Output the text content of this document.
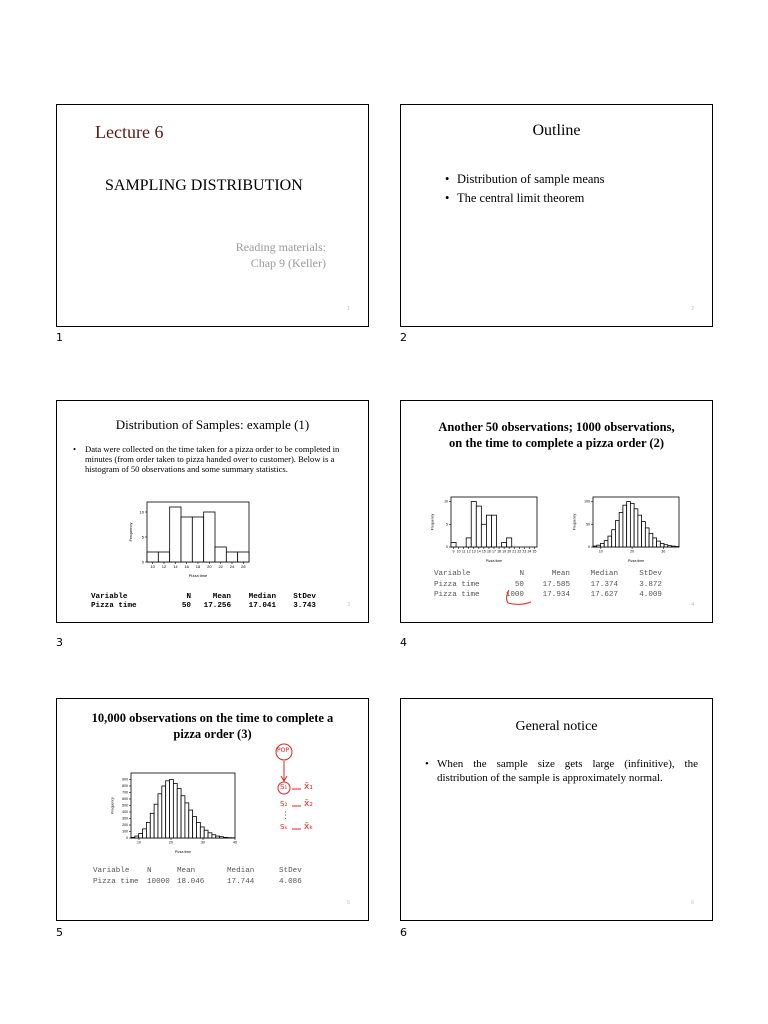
Lecture 6
SAMPLING DISTRIBUTION
Reading materials:
Chap 9 (Keller)
1
1
Outline
• Distribution of sample means
• The central limit theorem
2
2
Distribution of Samples: example (1)
• Data were collected on the time taken for a pizza order to be completed in minutes (from order taken to pizza handed over to customer). Below is a histogram of 50 observations and some summary statistics.
0
5
10
10 12 14 16 18 20 22 24 26
Pizza time
Frequency
Variable	N	Mean	Median	StDev
Pizza time	50	17.256	17.041	3.743	3
3
Another 50 observations; 1000 observations,
on the time to complete a pizza order (2)
0
5
10
9 10 11 12 13 14 15 16 17 18 19 20 21 22 23 24 25
Pizza time
Frequency
0
50
100
10	20	30
Pizza time
Frequency
Variable	N	Mean	Median	StDev
Pizza time	50	17.585	17.374	3.872
Pizza time	1000	17.934	17.627	4.009
4
4
10,000 observations on the time to complete a
pizza order (3)
0
100
200
300
400
500
600
700
800
900
10	20	30	40
Pizza time
Frequency
POP
S₁ x̄₁
S₂ x̄₂
⋮
Sₖ x̄ₖ
Variable	N	Mean	Median	StDev
Pizza time	10000	18.046	17.744	4.086
5
5
General notice
• When the sample size gets large (infinitive), the distribution of the sample is approximately normal.
6
6
